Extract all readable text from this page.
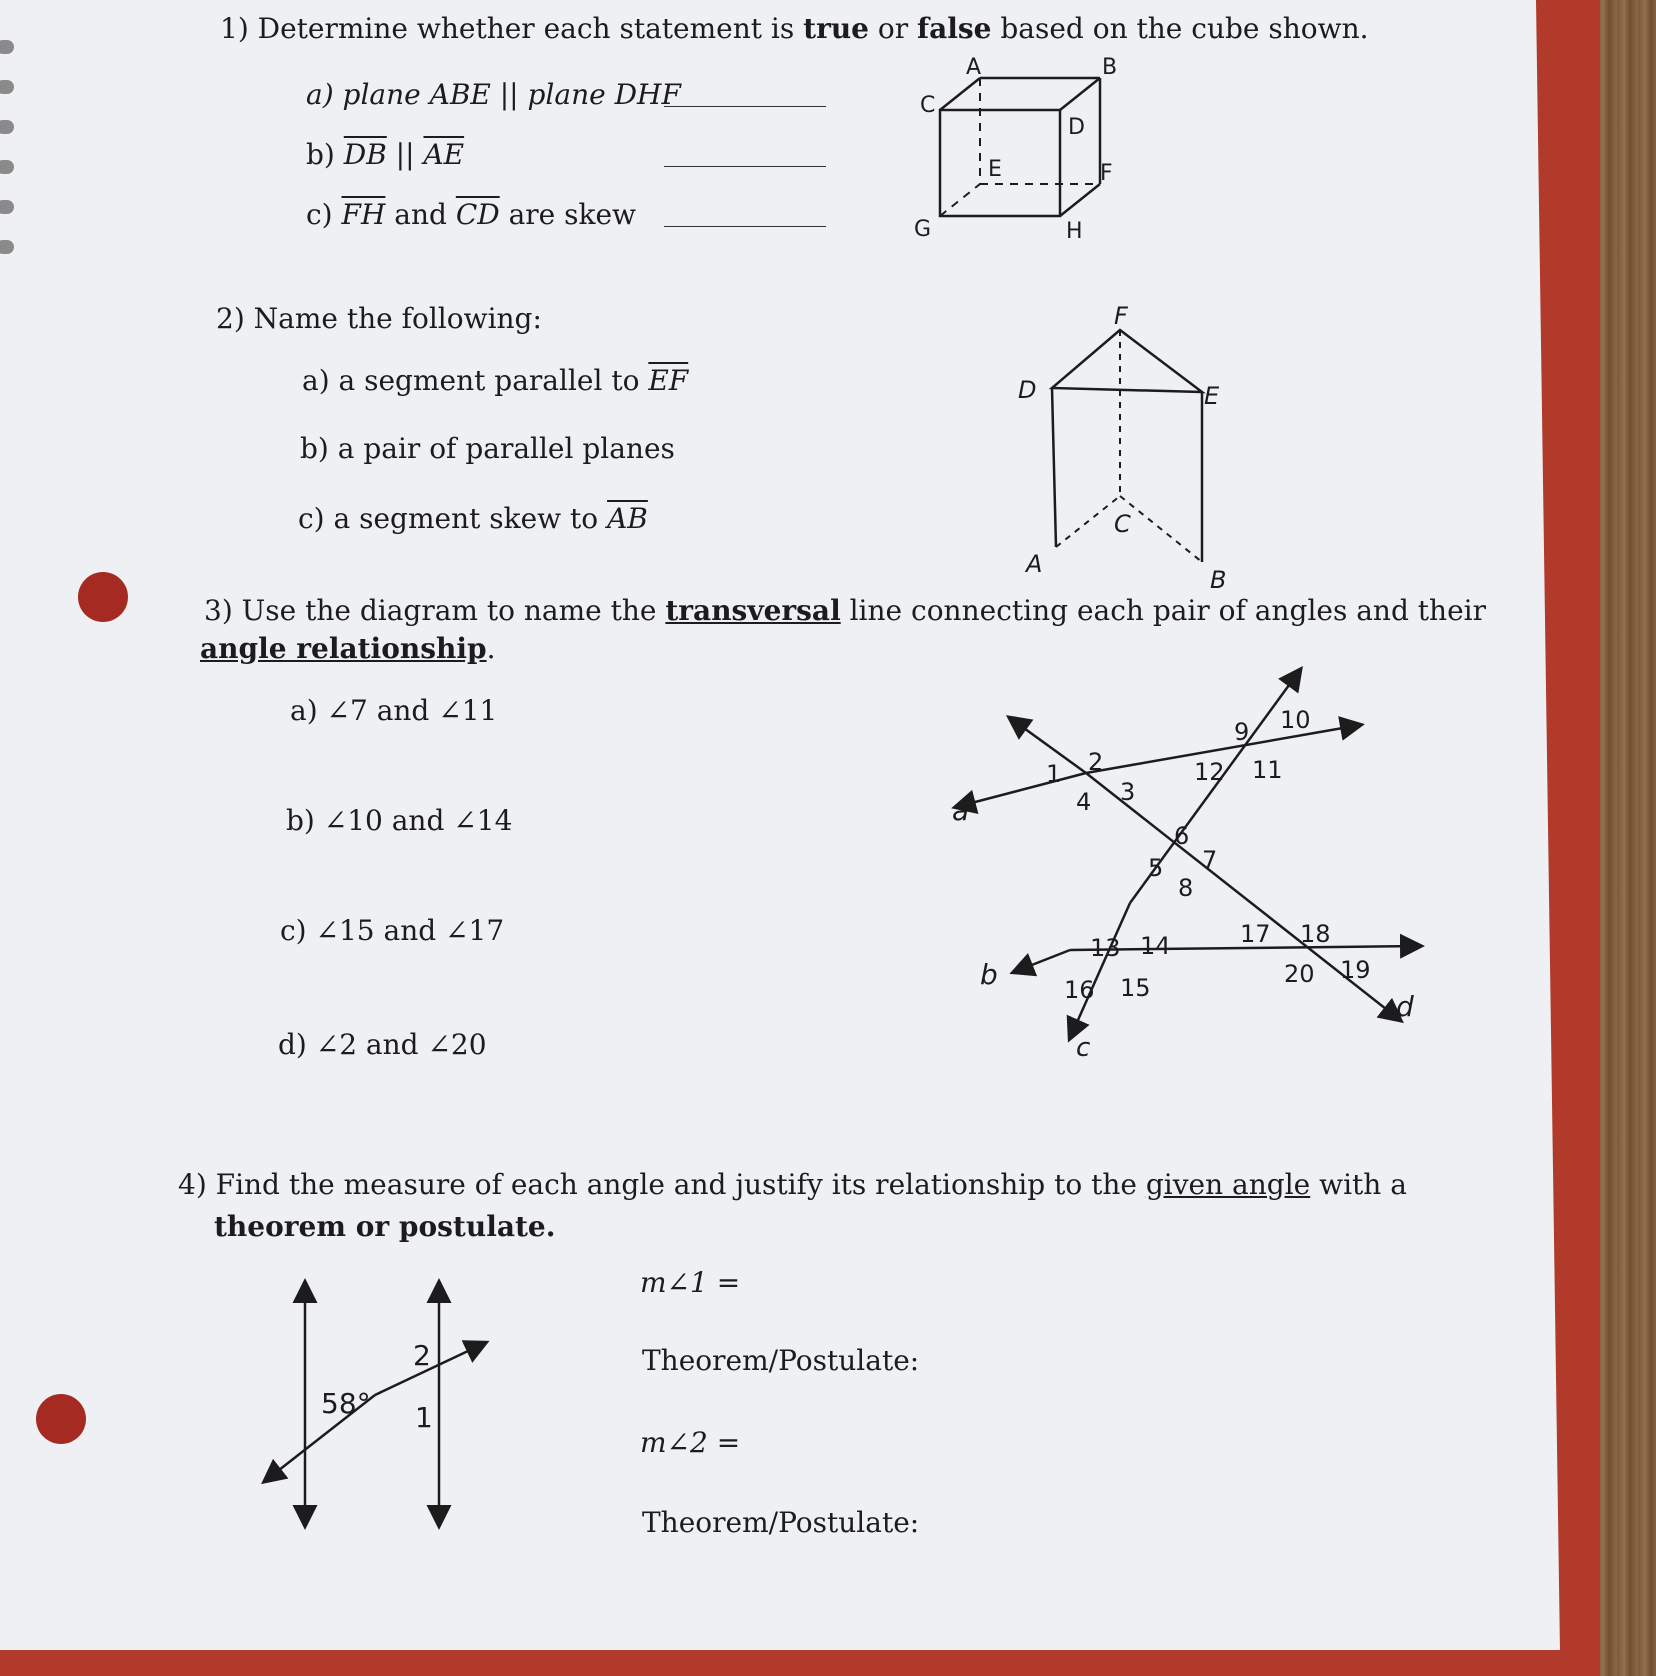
1) Determine whether each statement is true or false based on the cube shown.
a) plane ABE || plane DHF
b) $\overline{DB}$ || $\overline{AE}$
c) $\overline{FH}$ and $\overline{CD}$ are skew
A	B
C
D
E	F
G	H
2) Name the following:
a) a segment parallel to $\overline{EF}$
b) a pair of parallel planes
c) a segment skew to $\overline{AB}$
F
D	E
C
A
B
3) Use the diagram to name the transversal line connecting each pair of angles and their
angle relationship.
a) ∠7 and ∠11
b) ∠10 and ∠14
c) ∠15 and ∠17
d) ∠2 and ∠20
a
b
c
d
1 2
3
4
5
6
7
8
9 10
11
12
13 14
15
16
17 18
19
20
4) Find the measure of each angle and justify its relationship to the given angle with a
theorem or postulate.
58°
2
1
m∠1 =
Theorem/Postulate:
m∠2 =
Theorem/Postulate:
